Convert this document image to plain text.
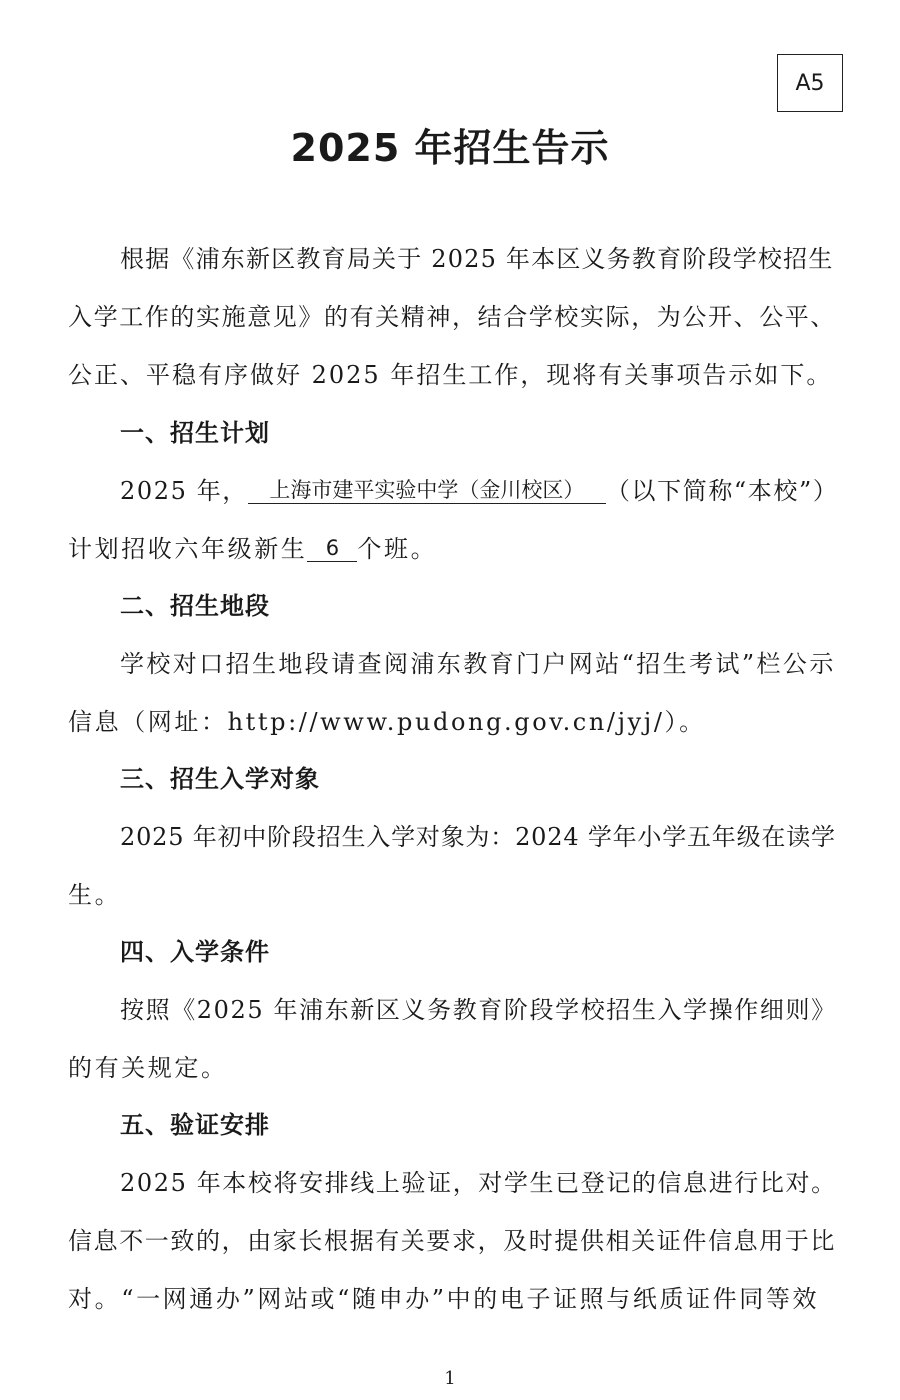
A5
2025 年招生告示
根据《浦东新区教育局关于 2025 年本区义务教育阶段学校招生
入学工作的实施意见》的有关精神，结合学校实际，为公开、公平、
公正、平稳有序做好 2025 年招生工作，现将有关事项告示如下。
一、招生计划
2025 年， 上海市建平实验中学（金川校区） （以下简称“本校”）
计划招收六年级新生 6 个班。
二、招生地段
学校对口招生地段请查阅浦东教育门户网站“招生考试”栏公示
信息（网址：http://www.pudong.gov.cn/jyj/）。
三、招生入学对象
2025 年初中阶段招生入学对象为：2024 学年小学五年级在读学
生。
四、入学条件
按照《2025 年浦东新区义务教育阶段学校招生入学操作细则》
的有关规定。
五、验证安排
2025 年本校将安排线上验证，对学生已登记的信息进行比对。
信息不一致的，由家长根据有关要求，及时提供相关证件信息用于比
对。“一网通办”网站或“随申办”中的电子证照与纸质证件同等效
1
